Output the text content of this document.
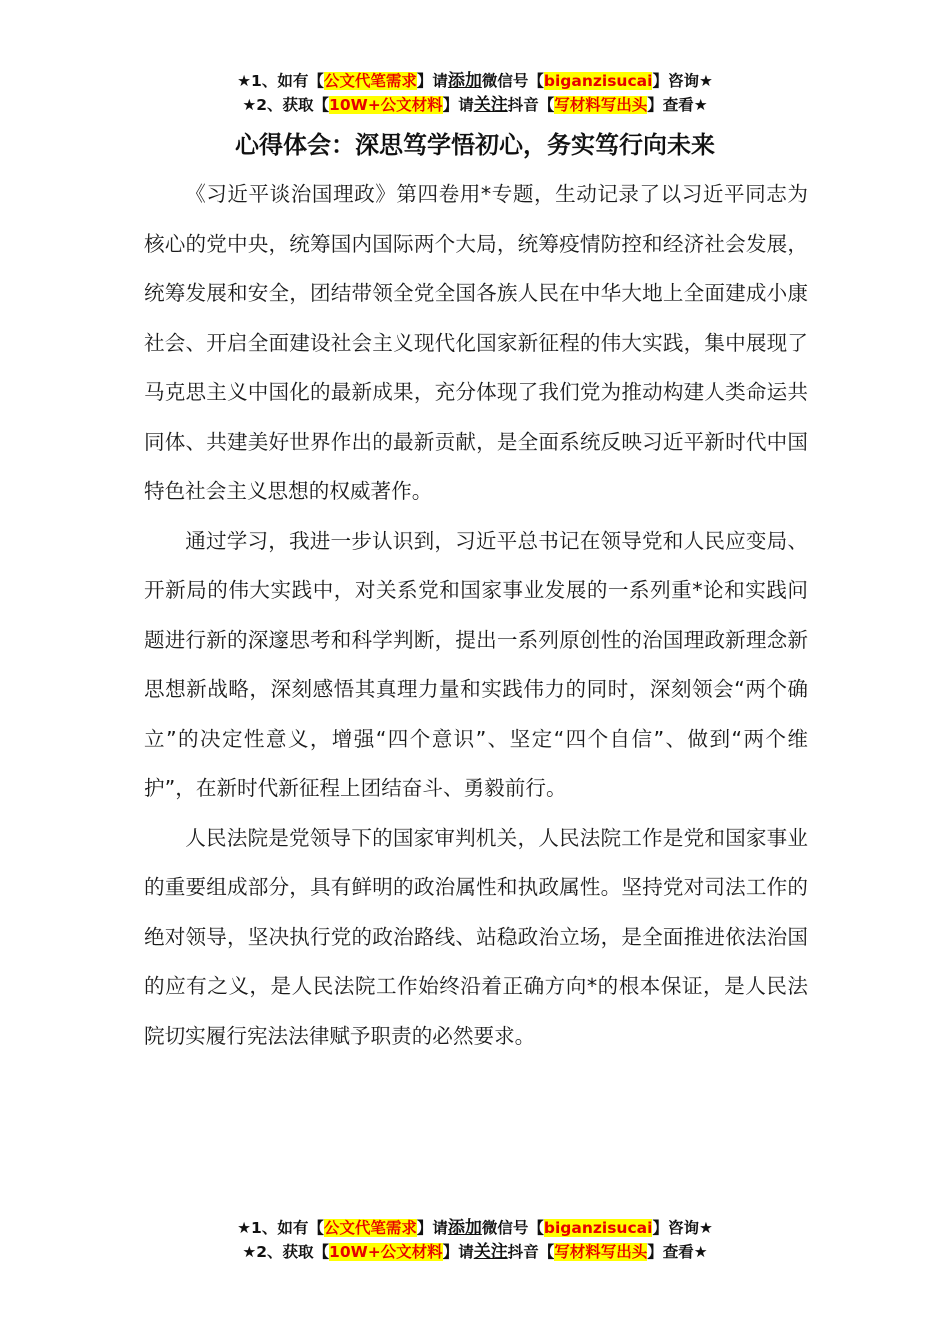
★1、如有【公文代笔需求】请添加微信号【biganzisucai】咨询★
★2、获取【10W+公文材料】请关注抖音【写材料写出头】查看★
心得体会：深思笃学悟初心，务实笃行向未来

《习近平谈治国理政》第四卷用*专题，生动记录了以习近平同志为核心的党中央，统筹国内国际两个大局，统筹疫情防控和经济社会发展，统筹发展和安全，团结带领全党全国各族人民在中华大地上全面建成小康社会、开启全面建设社会主义现代化国家新征程的伟大实践，集中展现了马克思主义中国化的最新成果，充分体现了我们党为推动构建人类命运共同体、共建美好世界作出的最新贡献，是全面系统反映习近平新时代中国特色社会主义思想的权威著作。

通过学习，我进一步认识到，习近平总书记在领导党和人民应变局、开新局的伟大实践中，对关系党和国家事业发展的一系列重*论和实践问题进行新的深邃思考和科学判断，提出一系列原创性的治国理政新理念新思想新战略，深刻感悟其真理力量和实践伟力的同时，深刻领会“两个确立”的决定性意义，增强“四个意识”、坚定“四个自信”、做到“两个维护”，在新时代新征程上团结奋斗、勇毅前行。

人民法院是党领导下的国家审判机关，人民法院工作是党和国家事业的重要组成部分，具有鲜明的政治属性和执政属性。坚持党对司法工作的绝对领导，坚决执行党的政治路线、站稳政治立场，是全面推进依法治国的应有之义，是人民法院工作始终沿着正确方向*的根本保证，是人民法院切实履行宪法法律赋予职责的必然要求。

★1、如有【公文代笔需求】请添加微信号【biganzisucai】咨询★
★2、获取【10W+公文材料】请关注抖音【写材料写出头】查看★
